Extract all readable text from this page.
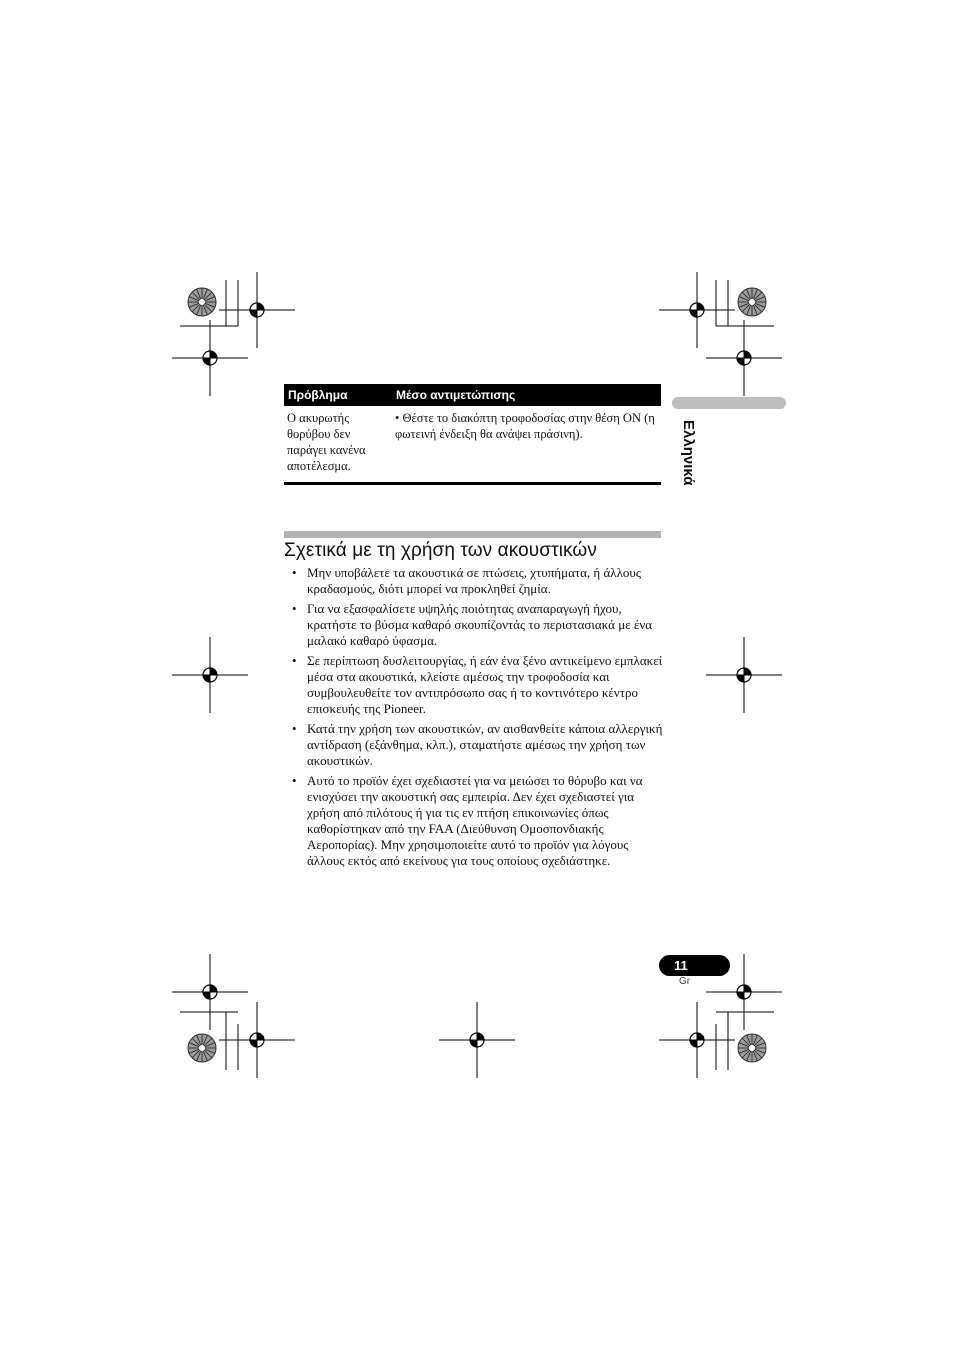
Πρόβλημα	Μέσο αντιμετώπισης
Ο ακυρωτής θορύβου δεν παράγει κανένα αποτέλεσμα.
• Θέστε το διακόπτη τροφοδοσίας στην θέση ON (η φωτεινή ένδειξη θα ανάψει πράσινη).	Ελληνικά
Σχετικά με τη χρήση των ακουστικών
• Μην υποβάλετε τα ακουστικά σε πτώσεις, χτυπήματα, ή άλλους κραδασμούς, διότι μπορεί να προκληθεί ζημία.
• Για να εξασφαλίσετε υψηλής ποιότητας αναπαραγωγή ήχου, κρατήστε το βύσμα καθαρό σκουπίζοντάς το περιστασιακά με ένα μαλακό καθαρό ύφασμα.
• Σε περίπτωση δυσλειτουργίας, ή εάν ένα ξένο αντικείμενο εμπλακεί μέσα στα ακουστικά, κλείστε αμέσως την τροφοδοσία και συμβουλευθείτε τον αντιπρόσωπο σας ή το κοντινότερο κέντρο επισκευής της Pioneer.
• Κατά την χρήση των ακουστικών, αν αισθανθείτε κάποια αλλεργική αντίδραση (εξάνθημα, κλπ.), σταματήστε αμέσως την χρήση των ακουστικών.
• Αυτό το προϊόν έχει σχεδιαστεί για να μειώσει το θόρυβο και να ενισχύσει την ακουστική σας εμπειρία. Δεν έχει σχεδιαστεί για χρήση από πιλότους ή για τις εν πτήση επικοινωνίες όπως καθορίστηκαν από την FAA (Διεύθυνση Ομοσπονδιακής Αεροπορίας). Μην χρησιμοποιείτε αυτό το προϊόν για λόγους άλλους εκτός από εκείνους για τους οποίους σχεδιάστηκε.
11
Gr
